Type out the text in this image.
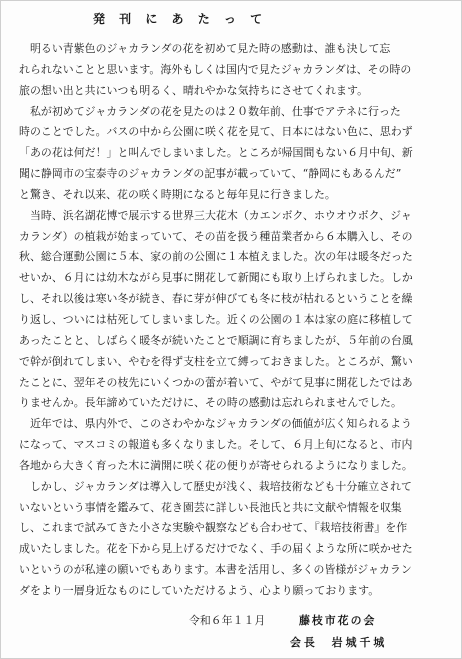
発 刊 に あ た っ て
　明るい青紫色のジャカランダの花を初めて見た時の感動は、誰も決して忘
れられないことと思います。海外もしくは国内で見たジャカランダは、その時の
旅の想い出と共にいつも明るく、晴れやかな気持ちにさせてくれます。
　私が初めてジャカランダの花を見たのは２０数年前、仕事でアテネに行った
時のことでした。バスの中から公園に咲く花を見て、日本にはない色に、思わず
「あの花は何だ！」と叫んでしまいました。ところが帰国間もない６月中旬、新
聞に静岡市の宝泰寺のジャカランダの記事が載っていて、“静岡にもあるんだ”
と驚き、それ以来、花の咲く時期になると毎年見に行きました。
　当時、浜名湖花博で展示する世界三大花木（カエンボク、ホウオウボク、ジャ
カランダ）の植栽が始まっていて、その苗を扱う種苗業者から６本購入し、その
秋、総合運動公園に５本、家の前の公園に１本植えました。次の年は暖冬だった
せいか、６月には幼木ながら見事に開花して新聞にも取り上げられました。しか
し、それ以後は寒い冬が続き、春に芽が伸びても冬に枝が枯れるということを繰
り返し、ついには枯死してしまいました。近くの公園の１本は家の庭に移植して
あったことと、しばらく暖冬が続いたことで順調に育ちましたが、５年前の台風
で幹が倒れてしまい、やむを得ず支柱を立て縛っておきました。ところが、驚い
たことに、翌年その枝先にいくつかの蕾が着いて、やがて見事に開花したではあ
りませんか。長年諦めていただけに、その時の感動は忘れられませんでした。
　近年では、県内外で、このさわやかなジャカランダの価値が広く知られるよう
になって、マスコミの報道も多くなりました。そして、６月上旬になると、市内
各地から大きく育った木に満開に咲く花の便りが寄せられるようになりました。
　しかし、ジャカランダは導入して歴史が浅く、栽培技術なども十分確立されて
いないという事情を鑑みて、花き園芸に詳しい長池氏と共に文献や情報を収集
し、これまで試みてきた小さな実験や観察なども合わせて、『栽培技術書』を作
成いたしました。花を下から見上げるだけでなく、手の届くような所に咲かせた
いというのが私達の願いでもあります。本書を活用し、多くの皆様がジャカラン
ダをより一層身近なものにしていただけるよう、心より願っております。
令和６年１１月	藤枝市花の会
会長　岩城千城
